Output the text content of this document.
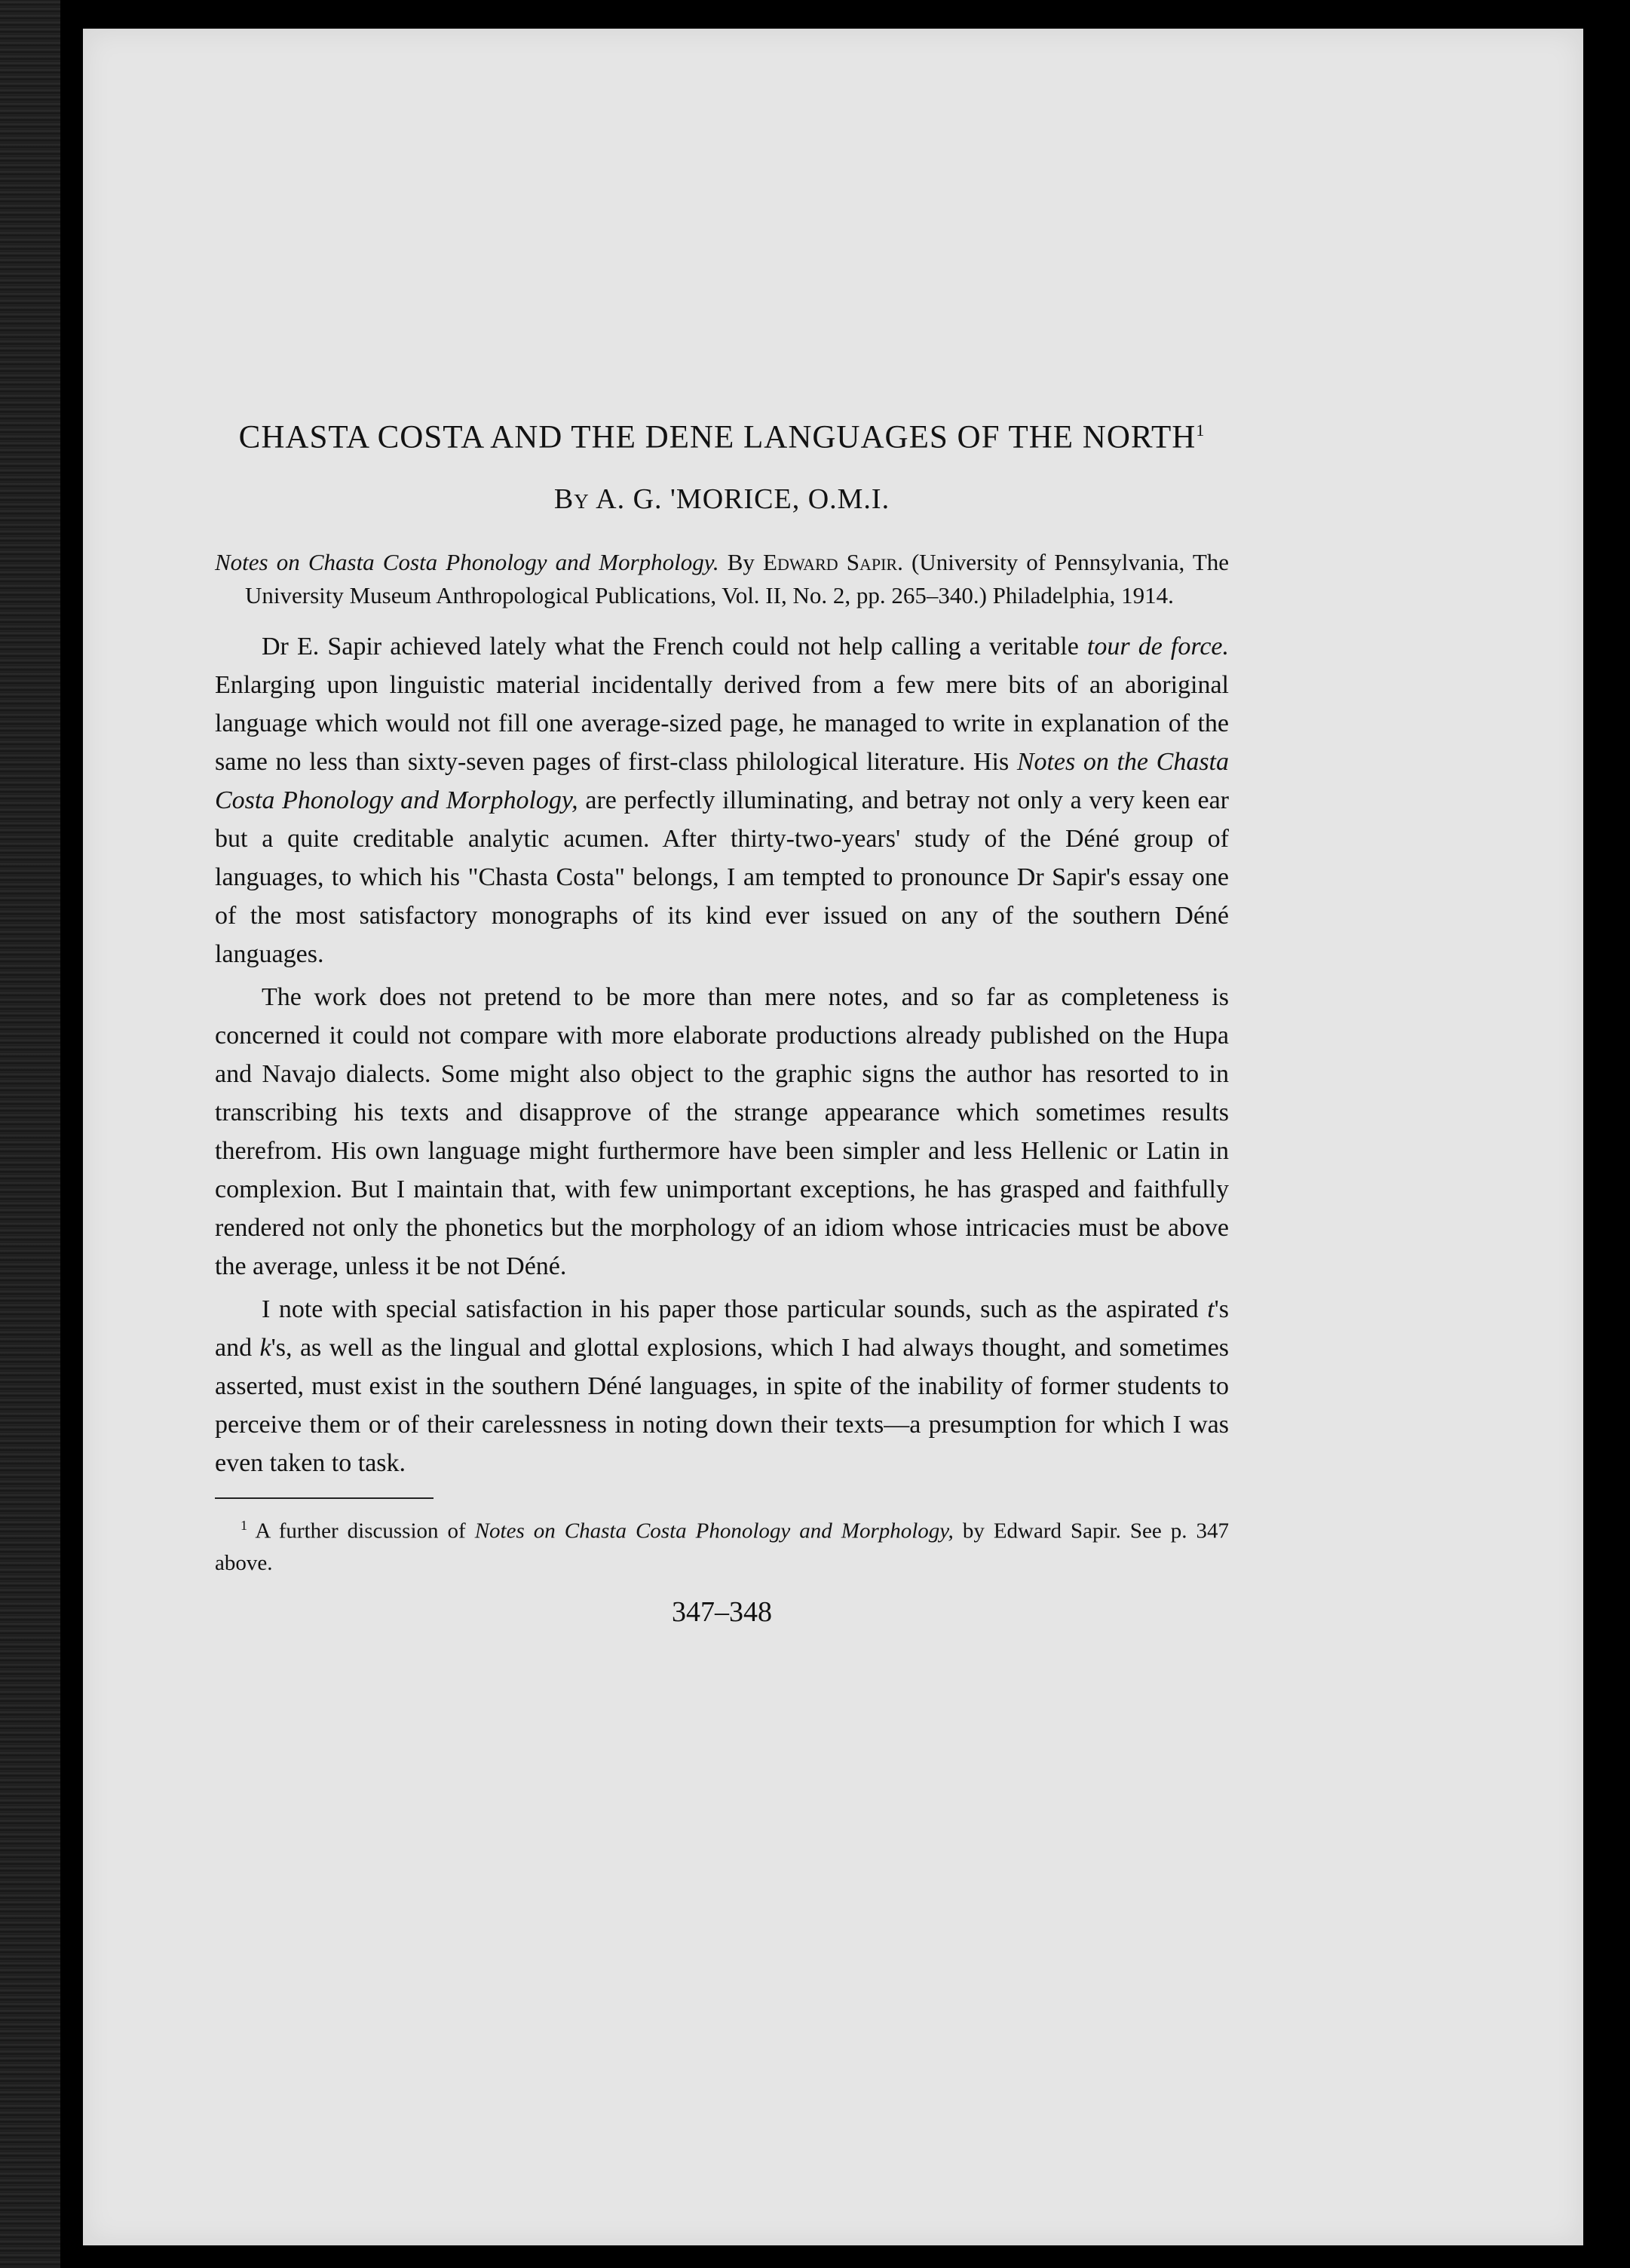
CHASTA COSTA AND THE DENE LANGUAGES OF THE NORTH$^1$
By A. G. 'MORICE, O.M.I.

Notes on Chasta Costa Phonology and Morphology. By Edward Sapir. (University of Pennsylvania, The University Museum Anthropological Publications, Vol. II, No. 2, pp. 265–340.) Philadelphia, 1914.

Dr E. Sapir achieved lately what the French could not help calling a veritable tour de force. Enlarging upon linguistic material incidentally derived from a few mere bits of an aboriginal language which would not fill one average-sized page, he managed to write in explanation of the same no less than sixty-seven pages of first-class philological literature. His Notes on the Chasta Costa Phonology and Morphology, are perfectly illuminating, and betray not only a very keen ear but a quite creditable analytic acumen. After thirty-two-years' study of the Déné group of languages, to which his "Chasta Costa" belongs, I am tempted to pronounce Dr Sapir's essay one of the most satisfactory monographs of its kind ever issued on any of the southern Déné languages.

The work does not pretend to be more than mere notes, and so far as completeness is concerned it could not compare with more elaborate productions already published on the Hupa and Navajo dialects. Some might also object to the graphic signs the author has resorted to in transcribing his texts and disapprove of the strange appearance which sometimes results therefrom. His own language might furthermore have been simpler and less Hellenic or Latin in complexion. But I maintain that, with few unimportant exceptions, he has grasped and faithfully rendered not only the phonetics but the morphology of an idiom whose intricacies must be above the average, unless it be not Déné.

I note with special satisfaction in his paper those particular sounds, such as the aspirated t's and k's, as well as the lingual and glottal explosions, which I had always thought, and sometimes asserted, must exist in the southern Déné languages, in spite of the inability of former students to perceive them or of their carelessness in noting down their texts—a presumption for which I was even taken to task.

$^1$ A further discussion of Notes on Chasta Costa Phonology and Morphology, by Edward Sapir. See p. 347 above.

347–348
